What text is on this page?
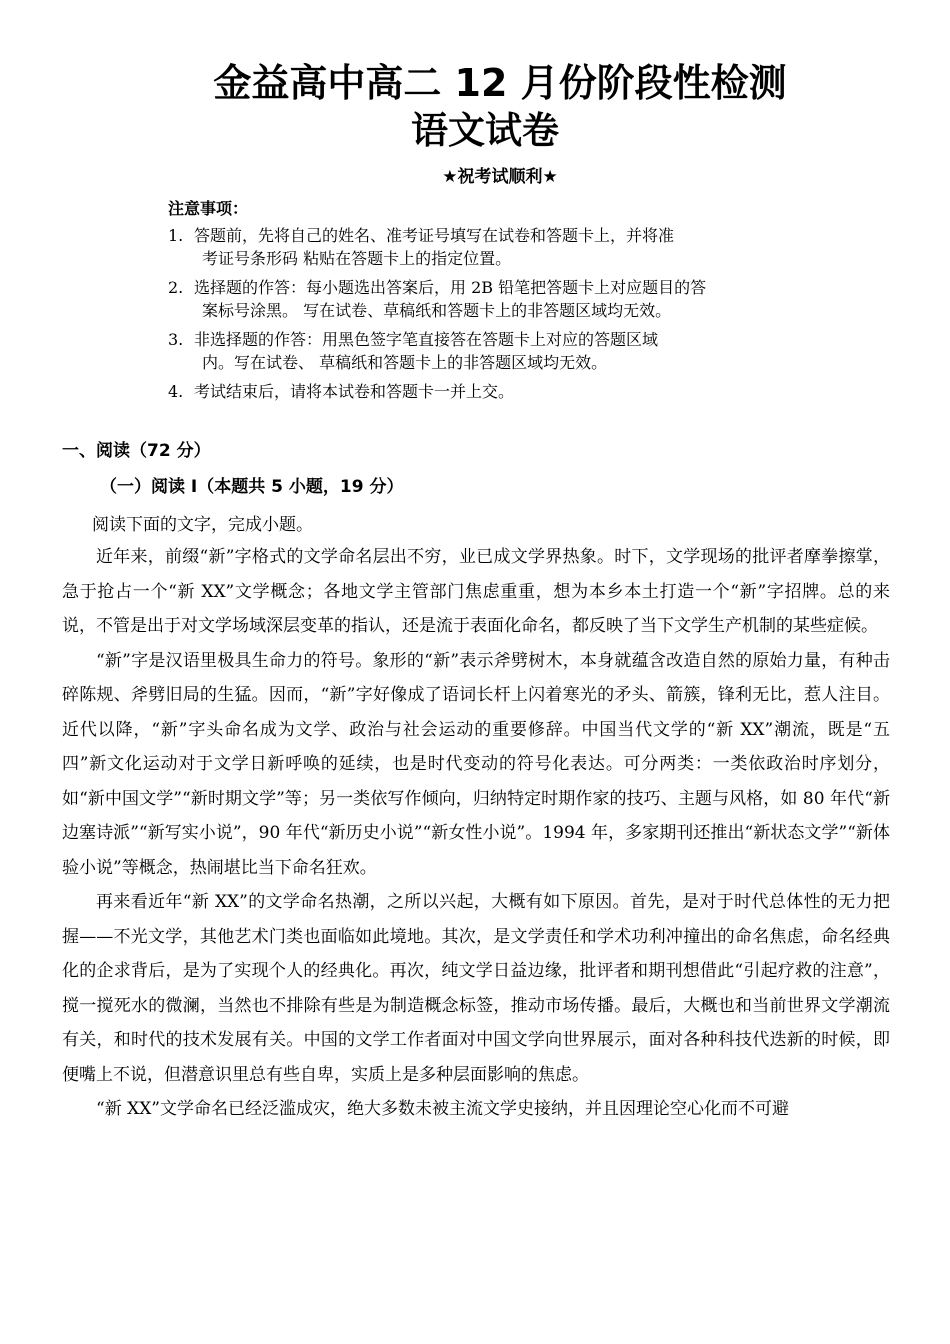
金益高中高二 12 月份阶段性检测
语文试卷
★祝考试顺利★
注意事项：
1. 答题前，先将自己的姓名、准考证号填写在试卷和答题卡上，并将准
考证号条形码 粘贴在答题卡上的指定位置。
2. 选择题的作答：每小题选出答案后，用 2B 铅笔把答题卡上对应题目的答
案标号涂黑。 写在试卷、草稿纸和答题卡上的非答题区域均无效。
3. 非选择题的作答：用黑色签字笔直接答在答题卡上对应的答题区域
内。写在试卷、 草稿纸和答题卡上的非答题区域均无效。
4. 考试结束后，请将本试卷和答题卡一并上交。
一、阅读（72 分）
（一）阅读 I（本题共 5 小题，19 分）
阅读下面的文字，完成小题。

近年来，前缀“新”字格式的文学命名层出不穷，业已成文学界热象。时下，文学现场的批评者摩拳擦掌，急于抢占一个“新 XX”文学概念；各地文学主管部门焦虑重重，想为本乡本土打造一个“新”字招牌。总的来说，不管是出于对文学场域深层变革的指认，还是流于表面化命名，都反映了当下文学生产机制的某些症候。

“新”字是汉语里极具生命力的符号。象形的“新”表示斧劈树木，本身就蕴含改造自然的原始力量，有种击碎陈规、斧劈旧局的生猛。因而，“新”字好像成了语词长杆上闪着寒光的矛头、箭簇，锋利无比，惹人注目。近代以降，“新”字头命名成为文学、政治与社会运动的重要修辞。中国当代文学的“新 XX”潮流，既是“五四”新文化运动对于文学日新呼唤的延续，也是时代变动的符号化表达。可分两类：一类依政治时序划分，如“新中国文学”“新时期文学”等；另一类依写作倾向，归纳特定时期作家的技巧、主题与风格，如 80 年代“新边塞诗派”“新写实小说”，90 年代“新历史小说”“新女性小说”。1994 年，多家期刊还推出“新状态文学”“新体验小说”等概念，热闹堪比当下命名狂欢。

再来看近年“新 XX”的文学命名热潮，之所以兴起，大概有如下原因。首先，是对于时代总体性的无力把握——不光文学，其他艺术门类也面临如此境地。其次，是文学责任和学术功利冲撞出的命名焦虑，命名经典化的企求背后，是为了实现个人的经典化。再次，纯文学日益边缘，批评者和期刊想借此“引起疗救的注意”，搅一搅死水的微澜，当然也不排除有些是为制造概念标签，推动市场传播。最后，大概也和当前世界文学潮流有关，和时代的技术发展有关。中国的文学工作者面对中国文学向世界展示，面对各种科技代迭新的时候，即便嘴上不说，但潜意识里总有些自卑，实质上是多种层面影响的焦虑。

“新 XX”文学命名已经泛滥成灾，绝大多数未被主流文学史接纳，并且因理论空心化而不可避
